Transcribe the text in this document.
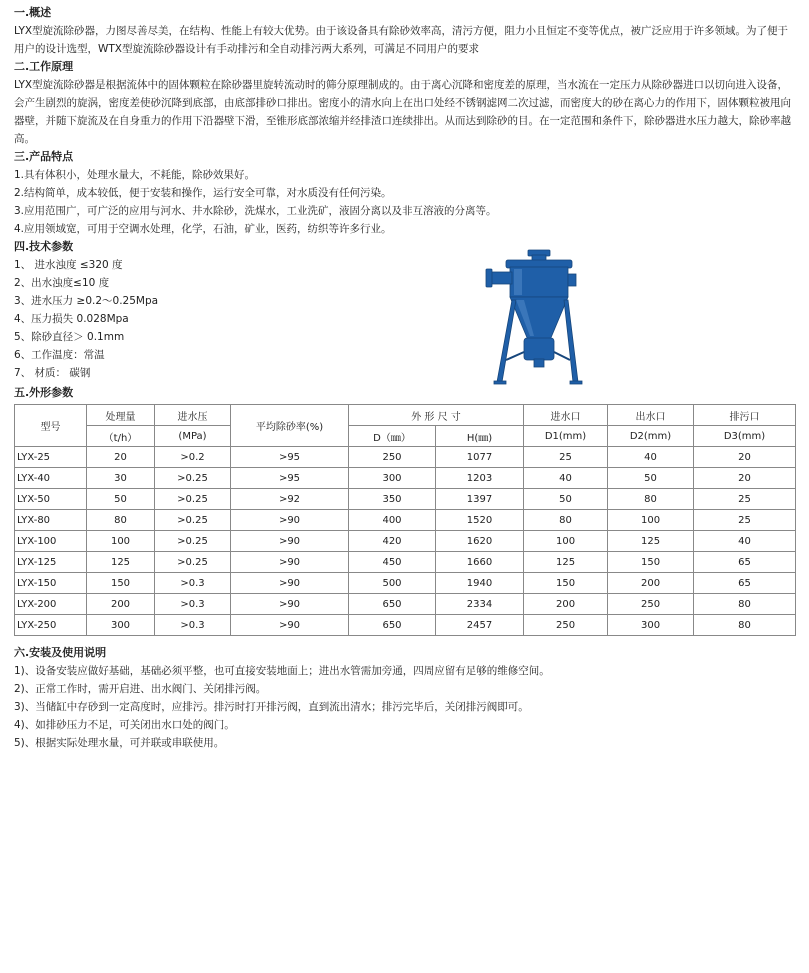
一.概述

LYX型旋流除砂器，力图尽善尽美，在结构、性能上有较大优势。由于该设备具有除砂效率高，清污方便，阻力小且恒定不变等优点，被广泛应用于许多领域。为了便于用户的设计选型，WTX型旋流除砂器设计有手动排污和全自动排污两大系列，可满足不同用户的要求

二.工作原理

LYX型旋流除砂器是根据流体中的固体颗粒在除砂器里旋转流动时的筛分原理制成的。由于离心沉降和密度差的原理，当水流在一定压力从除砂器进口以切向进入设备，会产生剧烈的旋涡，密度差使砂沉降到底部，由底部排砂口排出。密度小的清水向上在出口处经不锈钢滤网二次过滤，而密度大的砂在离心力的作用下，固体颗粒被甩向器壁，并随下旋流及在自身重力的作用下沿器壁下滑，至锥形底部浓缩并经排渣口连续排出。从而达到除砂的目。在一定范围和条件下，除砂器进水压力越大，除砂率越高。

三.产品特点

1.具有体积小，处理水量大，不耗能，除砂效果好。

2.结构简单，成本较低，便于安装和操作，运行安全可靠，对水质没有任何污染。

3.应用范围广，可广泛的应用与河水、井水除砂，洗煤水，工业洗矿，液固分离以及非互溶液的分离等。

4.应用领域宽，可用于空调水处理，化学，石油，矿业，医药，纺织等许多行业。

四.技术参数

1、 进水浊度 ≤320 度

2、出水浊度≤10 度

3、进水压力 ≥0.2～0.25Mpa

4、压力损失 0.028Mpa

5、除砂直径＞ 0.1mm

6、工作温度：常温

7、 材质： 碳钢

五.外形参数
型号	处理量	进水压	平均除砂率(%)	外 形 尺 寸		进水口	出水口	排污口
				D（㎜）	H(㎜)			
	（t/h）	(MPa)				D1(mm)	D2(mm)	D3(mm)
LYX-25	20	>0.2	>95	250	1077	25	40	20
LYX-40	30	>0.25	>95	300	1203	40	50	20
LYX-50	50	>0.25	>92	350	1397	50	80	25
LYX-80	80	>0.25	>90	400	1520	80	100	25
LYX-100	100	>0.25	>90	420	1620	100	125	40
LYX-125	125	>0.25	>90	450	1660	125	150	65
LYX-150	150	>0.3	>90	500	1940	150	200	65
LYX-200	200	>0.3	>90	650	2334	200	250	80
LYX-250	300	>0.3	>90	650	2457	250	300	80
六.安装及使用说明

1)、设备安装应做好基础，基础必须平整，也可直接安装地面上；进出水管需加旁通，四周应留有足够的维修空间。

2)、正常工作时，需开启进、出水阀门、关闭排污阀。

3)、当储缸中存砂到一定高度时，应排污。排污时打开排污阀，直到流出清水；排污完毕后，关闭排污阀即可。

4)、如排砂压力不足，可关闭出水口处的阀门。

5)、根据实际处理水量，可并联或串联使用。
